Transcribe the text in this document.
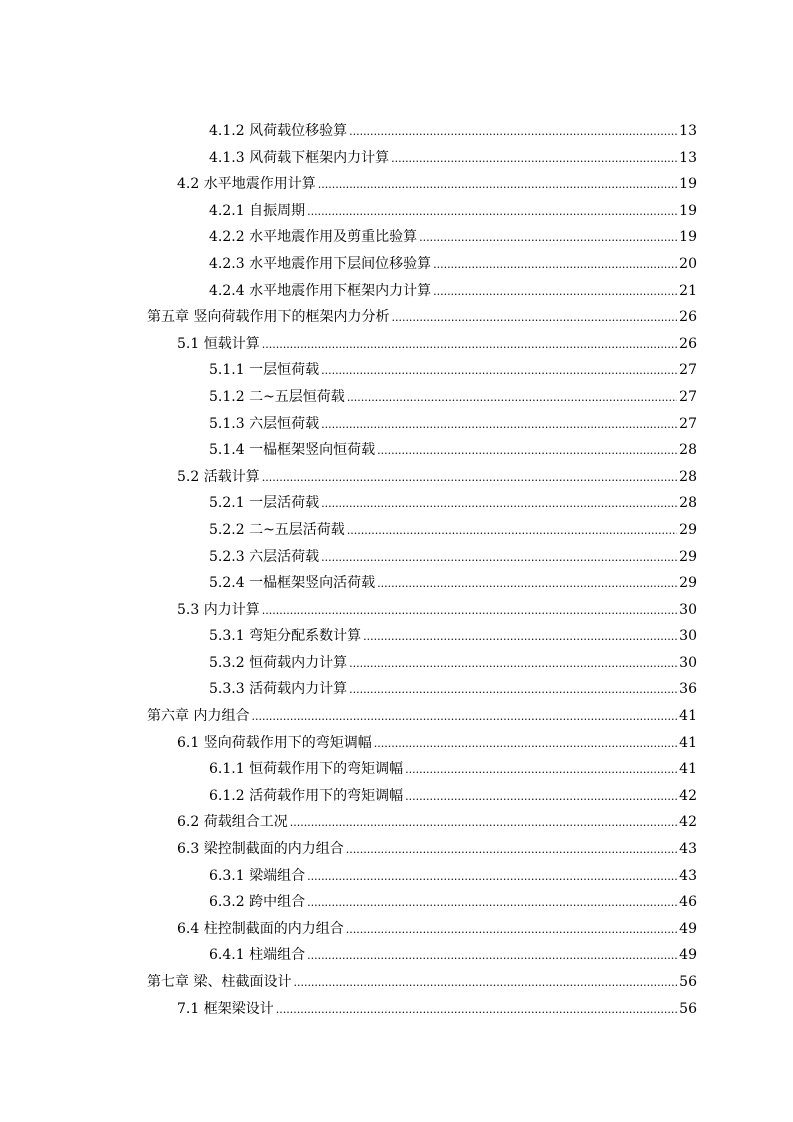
4.1.2 风荷载位移验算 .....	13
4.1.3 风荷载下框架内力计算 .....	13
4.2 水平地震作用计算 .....	19
4.2.1 自振周期 .....	19
4.2.2 水平地震作用及剪重比验算 .....	19
4.2.3 水平地震作用下层间位移验算 .....	20
4.2.4 水平地震作用下框架内力计算 .....	21
第五章 竖向荷载作用下的框架内力分析 .....	26
5.1 恒载计算 .....	26
5.1.1 一层恒荷载 .....	27
5.1.2 二~五层恒荷载 .....	27
5.1.3 六层恒荷载 .....	27
5.1.4 一榀框架竖向恒荷载 .....	28
5.2 活载计算 .....	28
5.2.1 一层活荷载 .....	28
5.2.2 二~五层活荷载 .....	29
5.2.3 六层活荷载 .....	29
5.2.4 一榀框架竖向活荷载 .....	29
5.3 内力计算 .....	30
5.3.1 弯矩分配系数计算 .....	30
5.3.2 恒荷载内力计算 .....	30
5.3.3 活荷载内力计算 .....	36
第六章 内力组合 .....	41
6.1 竖向荷载作用下的弯矩调幅 .....	41
6.1.1 恒荷载作用下的弯矩调幅 .....	41
6.1.2 活荷载作用下的弯矩调幅 .....	42
6.2 荷载组合工况 .....	42
6.3 梁控制截面的内力组合 .....	43
6.3.1 梁端组合 .....	43
6.3.2 跨中组合 .....	46
6.4 柱控制截面的内力组合 .....	49
6.4.1 柱端组合 .....	49
第七章 梁、柱截面设计 .....	56
7.1 框架梁设计 .....	56
